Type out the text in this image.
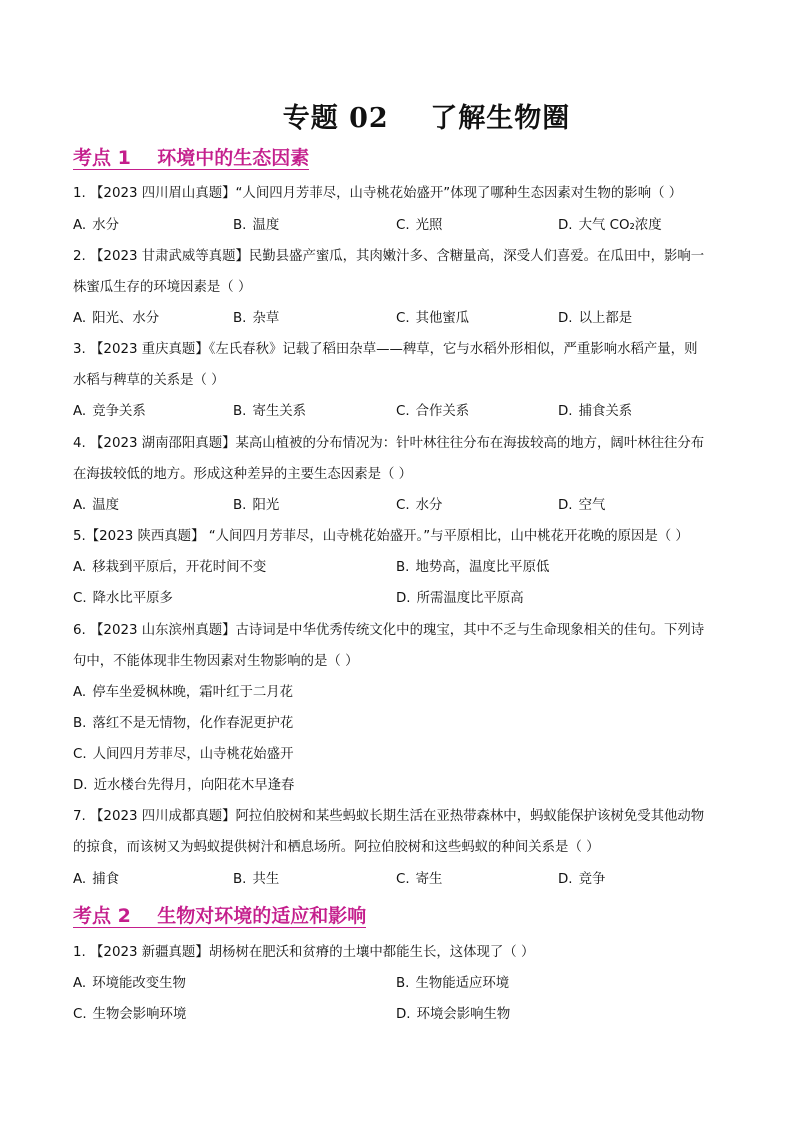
专题 02    了解生物圈
考点 1    环境中的生态因素
1. 【2023 四川眉山真题】“人间四月芳菲尽，山寺桃花始盛开”体现了哪种生态因素对生物的影响（ ）
A. 水分	B. 温度	C. 光照	D. 大气 CO₂浓度
2. 【2023 甘肃武威等真题】民勤县盛产蜜瓜，其肉嫩汁多、含糖量高，深受人们喜爱。在瓜田中，影响一
株蜜瓜生存的环境因素是（ ）
A. 阳光、水分	B. 杂草	C. 其他蜜瓜	D. 以上都是
3. 【2023 重庆真题】《左氏春秋》记载了稻田杂草——稗草，它与水稻外形相似，严重影响水稻产量，则
水稻与稗草的关系是（ ）
A. 竞争关系	B. 寄生关系	C. 合作关系	D. 捕食关系
4. 【2023 湖南邵阳真题】某高山植被的分布情况为：针叶林往往分布在海拔较高的地方，阔叶林往往分布
在海拔较低的地方。形成这种差异的主要生态因素是（ ）
A. 温度	B. 阳光	C. 水分	D. 空气
5.【2023 陕西真题】 “人间四月芳菲尽，山寺桃花始盛开。”与平原相比，山中桃花开花晚的原因是（ ）
A. 移栽到平原后，开花时间不变	B. 地势高，温度比平原低
C. 降水比平原多	D. 所需温度比平原高
6. 【2023 山东滨州真题】古诗词是中华优秀传统文化中的瑰宝，其中不乏与生命现象相关的佳句。下列诗
句中，不能体现非生物因素对生物影响的是（ ）
A. 停车坐爱枫林晚，霜叶红于二月花
B. 落红不是无情物，化作春泥更护花
C. 人间四月芳菲尽，山寺桃花始盛开
D. 近水楼台先得月，向阳花木早逢春
7. 【2023 四川成都真题】阿拉伯胶树和某些蚂蚁长期生活在亚热带森林中，蚂蚁能保护该树免受其他动物
的掠食，而该树又为蚂蚁提供树汁和栖息场所。阿拉伯胶树和这些蚂蚁的种间关系是（ ）
A. 捕食	B. 共生	C. 寄生	D. 竞争
考点 2    生物对环境的适应和影响
1. 【2023 新疆真题】胡杨树在肥沃和贫瘠的土壤中都能生长，这体现了（ ）
A. 环境能改变生物	B. 生物能适应环境
C. 生物会影响环境	D. 环境会影响生物
